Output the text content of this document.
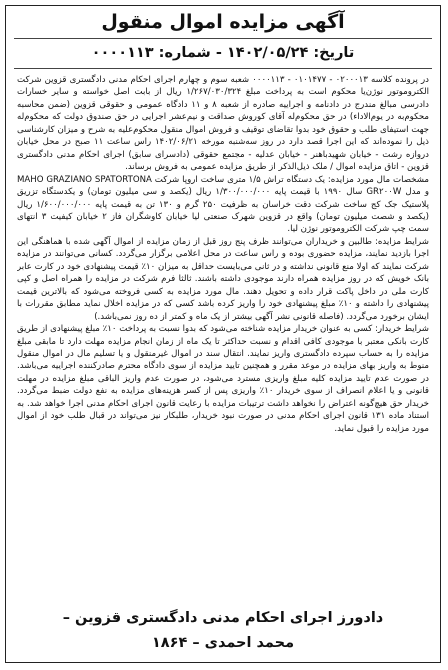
آگهی مزایده اموال منقول
تاریخ: ۱۴۰۲/۰۵/۲۴ - شماره: ۰۰۰۰۱۱۳

در پرونده کلاسه ۰۲۰۰۰۱۳ - ۰۱۰۱۴۷۷ - ۰۰۰۰۱۱۳ شعبه سوم و چهارم اجرای احکام مدنی دادگستری قزوین شرکت الکتروموتور نوژن‌یا محکوم است به پرداخت مبلغ ۱/۲۶۷/۰۳۰/۳۲۴ ریال از بابت اصل خواسته و سایر خسارات دادرسی مبالغ مندرج در دادنامه و اجراییه صادره از شعبه ۸ و ۱۱ دادگاه عمومی و حقوقی قزوین (ضمن محاسبه محکوم‌به در یوم‌الاداء) در حق محکوم‌له آقای کوروش صداقت و نیم‌عشر اجرایی در حق صندوق دولت که محکوم‌له جهت استیفای طلب و حقوق خود بدوا تقاضای توقیف و فروش اموال منقول محکوم‌علیه به شرح و میزان کارشناسی ذیل را نموده‌اند که این اجرا قصد دارد در روز سه‌شنبه مورخه ۱۴۰۲/۰۶/۲۱ راس ساعت ۱۱ صبح در محل خیابان دروازه رشت - خیابان شهیدباهنر - خیابان عدلیه - مجتمع حقوقی (دادسرای سابق) اجرای احکام مدنی دادگستری قزوین - اتاق مزایده اموال / ملک ذیل‌الذکر از طریق مزایده عمومی به فروش برساند.

مشخصات مال مورد مزایده: یک دستگاه تراش ۱/۵ متری ساخت اروپا شرکت MAHO GRAZIANO SPATORTONA و مدل GR۲۰۰W سال ۱۹۹۰ با قیمت پایه ۱/۳۰۰/۰۰۰/۰۰۰ ریال (یکصد و سی میلیون تومان) و یکدستگاه تزریق پلاستیک جک کج ساخت شرکت دقت خراسان به ظرفیت ۲۵۰ گرم و ۱۳۰ تن به قیمت پایه ۱/۶۰۰/۰۰۰/۰۰۰ ریال (یکصد و شصت میلیون تومان) واقع در قزوین شهرک صنعتی لیا خیابان کاوشگران فاز ۲ خیابان کیفیت ۳ انتهای سمت چپ شرکت الکتروموتور نوژن لیا.

شرایط مزایده: طالبین و خریداران می‌توانند ظرف پنج روز قبل از زمان مزایده از اموال آگهی شده با هماهنگی این اجرا بازدید نمایند، مزایده حضوری بوده و راس ساعت در محل اعلامی برگزار می‌گردد. کسانی می‌توانند در مزایده شرکت نمایند که اولا منع قانونی نداشته و در ثانی می‌بایست حداقل به میزان ۱۰٪ قیمت پیشنهادی خود در کارت عابر بانک خویش که در روز مزایده همراه دارند موجودی داشته باشند. ثالثا فرم شرکت در مزایده را همراه اصل و کپی کارت ملی در داخل پاکت قرار داده و تحویل دهند. مال مورد مزایده به کسی فروخته می‌شود که بالاترین قیمت پیشنهادی را داشته و ۱۰٪ مبلغ پیشنهادی خود را واریز کرده باشد کسی که در مزایده اخلال نماید مطابق مقررات با ایشان برخورد می‌گردد. (فاصله قانونی نشر آگهی بیشتر از یک ماه و کمتر از ده روز نمی‌باشد.)

شرایط خریدار: کسی به عنوان خریدار مزایده شناخته می‌شود که بدوا نسبت به پرداخت ۱۰٪ مبلغ پیشنهادی از طریق کارت بانکی معتبر با موجودی کافی اقدام و نسبت حداکثر تا یک ماه از زمان انجام مزایده مهلت دارد تا مابقی مبلغ مزایده را به حساب سپرده دادگستری واریز نمایند. انتقال سند در اموال غیرمنقول و یا تسلیم مال در اموال منقول منوط به واریز بهای مزایده در موعد مقرر و همچنین تایید مزایده از سوی دادگاه محترم صادرکننده اجراییه می‌باشد. در صورت عدم تایید مزایده کلیه مبلغ واریزی مسترد می‌شود، در صورت عدم واریز الباقی مبلغ مزایده در مهلت قانونی و یا اعلام انصراف از سوی خریدار ۱۰٪ واریزی پس از کسر هزینه‌های مزایده به نفع دولت ضبط می‌گردد. خریدار حق هیچ‌گونه اعتراض را نخواهد داشت ترتیبات مزایده با رعایت قانون اجرای احکام مدنی اجرا خواهد شد. به استناد ماده ۱۳۱ قانون اجرای احکام مدنی در صورت نبود خریدار، طلبکار نیز می‌تواند در قبال طلب خود از اموال مورد مزایده را قبول نماید.

دادورز اجرای احکام مدنی دادگستری قزوین –
محمد احمدی – ۱۸۶۴
